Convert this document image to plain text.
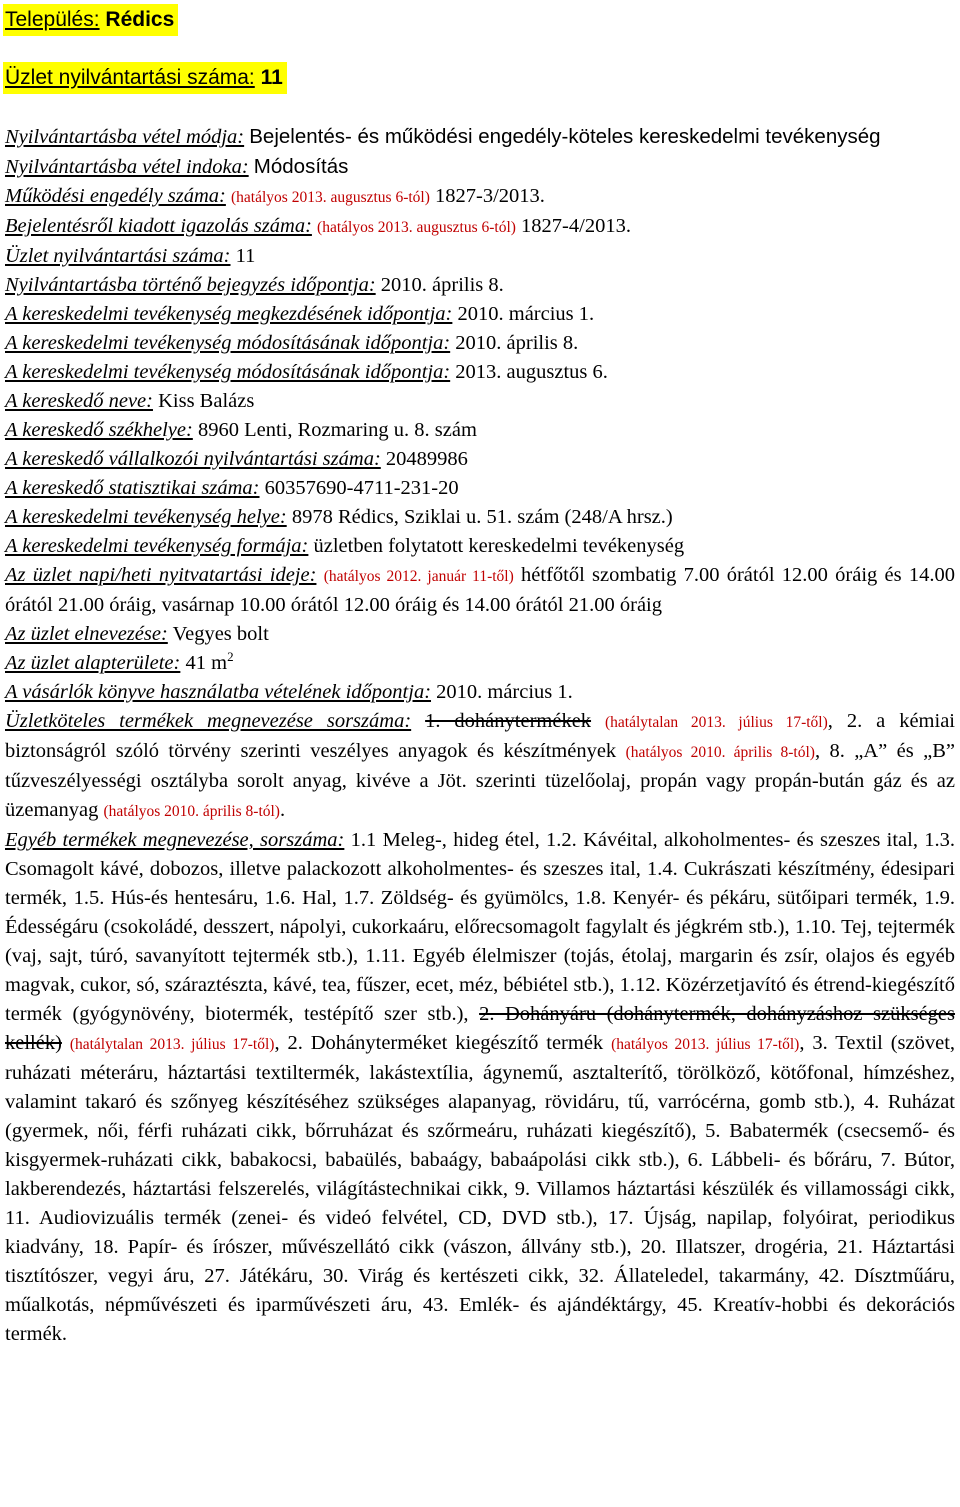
Település: Rédics
Üzlet nyilvántartási száma: 11

Nyilvántartásba vétel módja: Bejelentés- és működési engedély-köteles kereskedelmi tevékenység

Nyilvántartásba vétel indoka: Módosítás

Működési engedély száma: (hatályos 2013. augusztus 6-tól) 1827-3/2013.

Bejelentésről kiadott igazolás száma: (hatályos 2013. augusztus 6-tól) 1827-4/2013.

Üzlet nyilvántartási száma: 11

Nyilvántartásba történő bejegyzés időpontja: 2010. április 8.

A kereskedelmi tevékenység megkezdésének időpontja: 2010. március 1.

A kereskedelmi tevékenység módosításának időpontja: 2010. április 8.

A kereskedelmi tevékenység módosításának időpontja: 2013. augusztus 6.

A kereskedő neve: Kiss Balázs

A kereskedő székhelye: 8960 Lenti, Rozmaring u. 8. szám

A kereskedő vállalkozói nyilvántartási száma: 20489986

A kereskedő statisztikai száma: 60357690-4711-231-20

A kereskedelmi tevékenység helye: 8978 Rédics, Sziklai u. 51. szám (248/A hrsz.)

A kereskedelmi tevékenység formája: üzletben folytatott kereskedelmi tevékenység

Az üzlet napi/heti nyitvatartási ideje: (hatályos 2012. január 11-től) hétfőtől szombatig 7.00 órától 12.00 óráig és 14.00 órától 21.00 óráig, vasárnap 10.00 órától 12.00 óráig és 14.00 órától 21.00 óráig

Az üzlet elnevezése: Vegyes bolt

Az üzlet alapterülete: 41 $m^2$

A vásárlók könyve használatba vételének időpontja: 2010. március 1.

Üzletköteles termékek megnevezése sorszáma: 1. dohánytermékek (hatálytalan 2013. július 17-től), 2. a kémiai biztonságról szóló törvény szerinti veszélyes anyagok és készítmények (hatályos 2010. április 8-tól), 8. „A” és „B” tűzveszélyességi osztályba sorolt anyag, kivéve a Jöt. szerinti tüzelőolaj, propán vagy propán-bután gáz és az üzemanyag (hatályos 2010. április 8-tól).

Egyéb termékek megnevezése, sorszáma: 1.1 Meleg-, hideg étel, 1.2. Kávéital, alkoholmentes- és szeszes ital, 1.3. Csomagolt kávé, dobozos, illetve palackozott alkoholmentes- és szeszes ital, 1.4. Cukrászati készítmény, édesipari termék, 1.5. Hús-és hentesáru, 1.6. Hal, 1.7. Zöldség- és gyümölcs, 1.8. Kenyér- és pékáru, sütőipari termék, 1.9. Édességáru (csokoládé, desszert, nápolyi, cukorkaáru, előrecsomagolt fagylalt és jégkrém stb.), 1.10. Tej, tejtermék (vaj, sajt, túró, savanyított tejtermék stb.), 1.11. Egyéb élelmiszer (tojás, étolaj, margarin és zsír, olajos és egyéb magvak, cukor, só, száraztészta, kávé, tea, fűszer, ecet, méz, bébiétel stb.), 1.12. Közérzetjavító és étrend-kiegészítő termék (gyógynövény, biotermék, testépítő szer stb.), 2. Dohányáru (dohánytermék, dohányzáshoz szükséges kellék) (hatálytalan 2013. július 17-től), 2. Dohányterméket kiegészítő termék (hatályos 2013. július 17-től), 3. Textil (szövet, ruházati méteráru, háztartási textiltermék, lakástextília, ágynemű, asztalterítő, törölköző, kötőfonal, hímzéshez, valamint takaró és szőnyeg készítéséhez szükséges alapanyag, rövidáru, tű, varrócérna, gomb stb.), 4. Ruházat (gyermek, női, férfi ruházati cikk, bőrruházat és szőrmeáru, ruházati kiegészítő), 5. Babatermék (csecsemő- és kisgyermek-ruházati cikk, babakocsi, babaülés, babaágy, babaápolási cikk stb.), 6. Lábbeli- és bőráru, 7. Bútor, lakberendezés, háztartási felszerelés, világítástechnikai cikk, 9. Villamos háztartási készülék és villamossági cikk, 11. Audiovizuális termék (zenei- és videó felvétel, CD, DVD stb.), 17. Újság, napilap, folyóirat, periodikus kiadvány, 18. Papír- és írószer, művészellátó cikk (vászon, állvány stb.), 20. Illatszer, drogéria, 21. Háztartási tisztítószer, vegyi áru, 27. Játékáru, 30. Virág és kertészeti cikk, 32. Állateledel, takarmány, 42. Dísztműáru, műalkotás, népművészeti és iparművészeti áru, 43. Emlék- és ajándéktárgy, 45. Kreatív-hobbi és dekorációs termék.
